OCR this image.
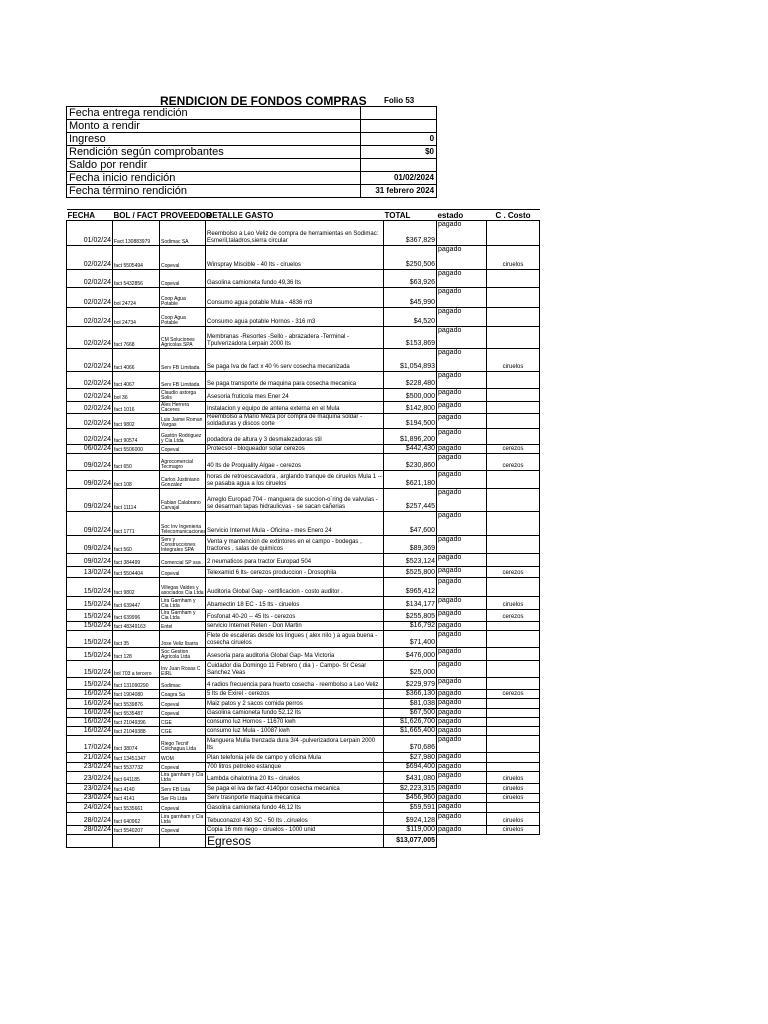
RENDICION DE FONDOS COMPRAS Folio 53
Fecha entrega rendición	
Monto a rendir	
Ingreso	0
Rendición según comprobantes	$0
Saldo por rendir	
Fecha inicio rendición	01/02/2024
Fecha término rendición	31 febrero 2024
FECHA	BOL / FACT	PROVEEDOR	DETALLE GASTO	TOTAL	estado	C . Costo
01/02/24	Fact 130883979	Sodimac SA	Reembolso a Leo Veliz de compra de herramientas en Sodimac: Esmeril,taladros,sierra circular	$367,829	pagado	
02/02/24	fact 5505494	Copeval	Winspray Miscible - 40 lts - ciruelos	$250,506	pagado	ciruelos
02/02/24	fact 5432856	Copeval	Gasolina camioneta fundo 49,36 lts	$63,926	pagado	
02/02/24	bol 24724	Coop Agua Potable	Consumo agua potable Mula - 4836 m3	$45,990	pagado	
02/02/24	bol 24734	Coop Agua Potable	Consumo agua potable Hornos - 316 m3	$4,520	pagado	
02/02/24	fact 7668	CM Soluciones Agricolas SPA	Membranas -Resortes -Sello - abrazadera -Terminal - Tpulverizadora Lerpain 2000 lts	$153,869	pagado	
02/02/24	fact 4066	Serv FB Limitada	Se paga Iva de fact x 40 % serv cosecha mecanizada	$1,054,893	pagado	ciruelos
02/02/24	fact 4067	Serv FB Limitada	Se paga transporte de maquina para cosecha mecanica	$228,480	pagado	
02/02/24	bol 36	Claudio astorga Solis	Asesoria fruticola mes Ener 24	$500,000	pagado	
02/02/24	fact 1016	Ales Herrera Caceres	Instalacion y equipo de antena externa en el Mula	$142,800	pagado	
02/02/24	fact 9802	Luis Jaime Roman Vargas	Reembolso a Mario Meza por compra de maquina soldar -soldaduras y discos corte	$194,500	pagado	
02/02/24	fact 90574	Gastón Rodriguez y Cia Ltda	podadora de altura y 3 desmalezadoras stil	$1,896,200	pagado	
06/02/24	fact 5506000	Copeval	Protecsol - bloqueador solar cerezos	$442,430	pagado	cerezos
09/02/24	fact 650	Agrocomercial Tecmagro	40 lts de Proquality Algae - cerezos	$230,860	pagado	cerezos
09/02/24	fact 108	Carlos Justiniano Gonzalez	horas de retroescavadora , arglando tranque de ciruelos Mula 1 --se pasaba agua a los ciruelos	$621,180	pagado	
09/02/24	fact 11114	Fabian Calabrano Carvajal	Arreglo Europad 704 - manguera de succion-o´ring de valvulas - se desarman tapas hidraulicvas - se sacan cañerias	$257,445	pagado	
09/02/24	fact 1771	Soc Inv Ingenieria Telecomunicaciones	Servicio Internet Mula - Oficina - mes Enero 24	$47,600	pagado	
09/02/24	fact 560	Serv y Construcciones Integrales SPA	Venta y mantencion de extintores en el campo - bodegas , tractores , salas de quimicos	$89,369	pagado	
09/02/24	fact 384499	Comercial SP ssa	2 neumaticos para tractor Europad 504	$523,124	pagado	
13/02/24	fact 5504404	Copeval	Telexamid 6 lts- cerezos produccion - Drosophila	$525,800	pagado	cerezos
15/02/24	fact 9802	Villegas Valdes y asociados Cia Ltda	Auditoria Global Gap - certificacion - costo auditor .	$965,412	pagado	
15/02/24	fact 639447	Lira Garnham y Cia Ltda	Abamectin 18 EC - 15 lts - ciruelos	$134,177	pagado	ciruelos
15/02/24	fact 639996	Lira Garnham y Cia Ltda	Fosfonat 40-20 -- 45 lts - cerezos	$255,805	pagado	cerezos
15/02/24	fact 48349163	Entel	servicio Internet Reten - Don Martin	$16,792	pagado	
15/02/24	fact 35	Jose Veliz Ibarra	Flete de escaleras desde los lingues ( alex nilo ) a agua buena - cosecha ciruelos	$71,400	pagado	
15/02/24	fact 128	Soc Gestion Agricola Ltda	Asesoria para auditoria Global Gap- Ma Victoria	$476,000	pagado	
15/02/24	bol 703 a tercero	Inv Juan Rosas C EIRL	Cuidador dia Domingo 11 Febrero ( dia ) - Campo- Sr Cesar Sanchez Veas	$25,000	pagado	
15/02/24	fact 131090290	Sodimac	4 radios frecuencia para huerto cosecha - reembolso a Leo Veliz	$229,979	pagado	
16/02/24	fact 1904080	Coagra Sa	5 lts de Exirel - cerezos	$366,130	pagado	cerezos
16/02/24	fact 5539876	Copeval	Maiz patos y 2 sacos comida perros	$81,038	pagado	
16/02/24	fact 5535487	Copeval	Gasolina camioneta fundo 52,12 lts	$67,500	pagado	
16/02/24	fact 21049396	CGE	consumo luz Hornos - 11670 kwh	$1,626,700	pagado	
16/02/24	fact 21049388	CGE	consumo luz Mula - 10087 kwh	$1,665,400	pagado	
17/02/24	fact 38074	Riego Tecnif Colchagua Ltda	Manguera Mulla trenzada dura 3/4 -pulverizadora Lerpain 2000 lts	$70,686	pagado	
21/02/24	fact 13451347	WOM	Plan telefonia jefe de campo y oficina Mula	$27,980	pagado	
23/02/24	fact 5537732	Copeval	700 litros petroleo estanque	$694,400	pagado	
23/02/24	fact 641185	Lira garnham y Cia Ltda	Lambda cihalotrina 20 lts - ciruelos	$431,080	pagado	ciruelos
23/02/24	fact 4140	Serv FB Ltda	Se paga el iva de fact 4140por cosecha mecanica	$2,223,315	pagado	ciruelos
23/02/24	fact 4141	Ser Fb Ltda	Serv trasnporte maquina mecanica	$456,960	pagado	ciruelos
24/02/24	fact 5535661	Copeval	Gasolina camioneta fundo 46,12 lts	$59,591	pagado	
28/02/24	fact 640962	Lira garnham y Cia Ltda	Tebuconazol 430 SC - 50 lts ..ciruelos	$924,128	pagado	ciruelos
28/02/24	fact 5540207	Copeval	Copia 16 mm riego - ciruelos - 1000 unid	$119,000	pagado	ciruelos
			Egresos	$13,077,005		
